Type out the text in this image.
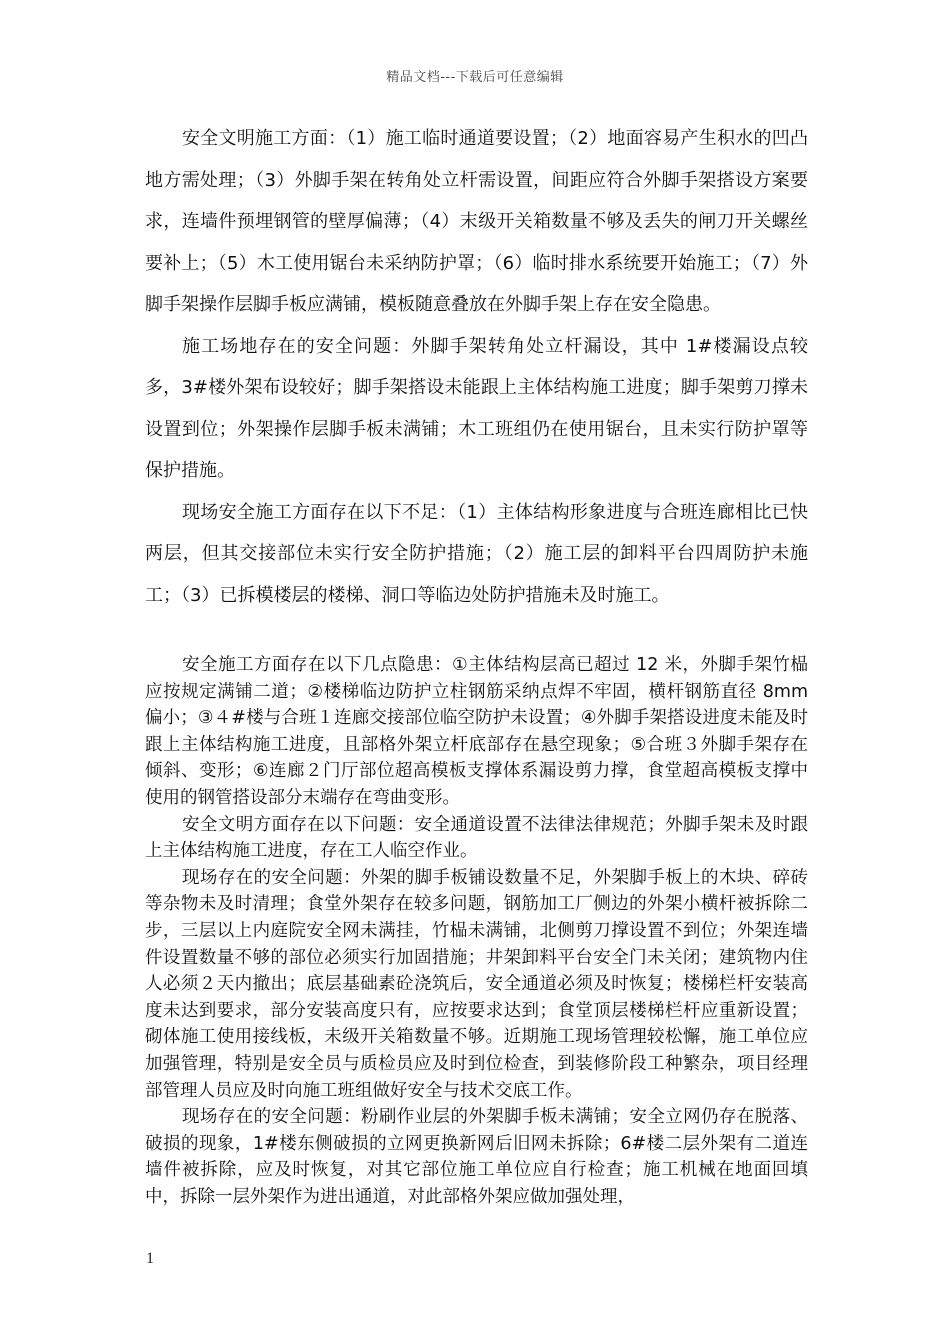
精品文档---下载后可任意编辑

安全文明施工方面：（1）施工临时通道要设置；（2）地面容易产生积水的凹凸地方需处理；（3）外脚手架在转角处立杆需设置，间距应符合外脚手架搭设方案要求，连墙件预埋钢管的壁厚偏薄；（4）末级开关箱数量不够及丢失的闸刀开关螺丝要补上；（5）木工使用锯台未采纳防护罩；（6）临时排水系统要开始施工；（7）外脚手架操作层脚手板应满铺，模板随意叠放在外脚手架上存在安全隐患。

施工场地存在的安全问题：外脚手架转角处立杆漏设，其中 1#楼漏设点较多，3#楼外架布设较好；脚手架搭设未能跟上主体结构施工进度；脚手架剪刀撑未设置到位；外架操作层脚手板未满铺；木工班组仍在使用锯台，且未实行防护罩等保护措施。

现场安全施工方面存在以下不足：（1）主体结构形象进度与合班连廊相比已快两层，但其交接部位未实行安全防护措施；（2）施工层的卸料平台四周防护未施工；（3）已拆模楼层的楼梯、洞口等临边处防护措施未及时施工。

安全施工方面存在以下几点隐患：①主体结构层高已超过 12 米，外脚手架竹榀应按规定满铺二道；②楼梯临边防护立柱钢筋采纳点焊不牢固，横杆钢筋直径 8mm 偏小；③４#楼与合班１连廊交接部位临空防护未设置；④外脚手架搭设进度未能及时跟上主体结构施工进度，且部格外架立杆底部存在悬空现象；⑤合班３外脚手架存在倾斜、变形；⑥连廊２门厅部位超高模板支撑体系漏设剪力撑，食堂超高模板支撑中使用的钢管搭设部分末端存在弯曲变形。

安全文明方面存在以下问题：安全通道设置不法律法律规范；外脚手架未及时跟上主体结构施工进度，存在工人临空作业。

现场存在的安全问题：外架的脚手板铺设数量不足，外架脚手板上的木块、碎砖等杂物未及时清理；食堂外架存在较多问题，钢筋加工厂侧边的外架小横杆被拆除二步，三层以上内庭院安全网未满挂，竹榀未满铺，北侧剪刀撑设置不到位；外架连墙件设置数量不够的部位必须实行加固措施；井架卸料平台安全门未关闭；建筑物内住人必须２天内撤出；底层基础素砼浇筑后，安全通道必须及时恢复；楼梯栏杆安装高度未达到要求，部分安装高度只有，应按要求达到；食堂顶层楼梯栏杆应重新设置；砌体施工使用接线板，未级开关箱数量不够。近期施工现场管理较松懈，施工单位应加强管理，特别是安全员与质检员应及时到位检查，到装修阶段工种繁杂，项目经理部管理人员应及时向施工班组做好安全与技术交底工作。

现场存在的安全问题：粉刷作业层的外架脚手板未满铺；安全立网仍存在脱落、破损的现象，1#楼东侧破损的立网更换新网后旧网未拆除；6#楼二层外架有二道连墙件被拆除，应及时恢复，对其它部位施工单位应自行检查；施工机械在地面回填中，拆除一层外架作为进出通道，对此部格外架应做加强处理，

1
